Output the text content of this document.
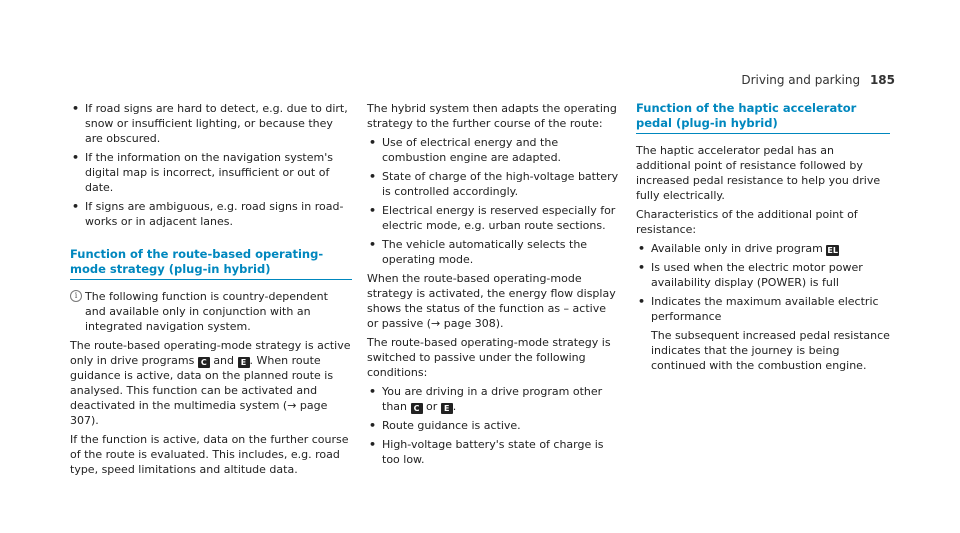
Driving and parking 185
• If road signs are hard to detect, e.g. due to dirt, snow or insufficient lighting, or because they are obscured.
• If the information on the navigation system's digital map is incorrect, insufficient or out of date.
• If signs are ambiguous, e.g. road signs in road-works or in adjacent lanes.
Function of the route-based operating-mode strategy (plug-in hybrid)
i The following function is country-dependent and available only in conjunction with an integrated navigation system.

The route-based operating-mode strategy is active only in drive programs C and E . When route guidance is active, data on the planned route is analysed. This function can be activated and deactivated in the multimedia system (→ page 307).

If the function is active, data on the further course of the route is evaluated. This includes, e.g. road type, speed limitations and altitude data.

The hybrid system then adapts the operating strategy to the further course of the route:

• Use of electrical energy and the combustion engine are adapted.
• State of charge of the high-voltage battery is controlled accordingly.
• Electrical energy is reserved especially for electric mode, e.g. urban route sections.
• The vehicle automatically selects the operating mode.

When the route-based operating-mode strategy is activated, the energy flow display shows the status of the function as – active or passive (→ page 308).

The route-based operating-mode strategy is switched to passive under the following conditions:

• You are driving in a drive program other than C or E .
• Route guidance is active.
• High-voltage battery's state of charge is too low.
Function of the haptic accelerator pedal (plug-in hybrid)

The haptic accelerator pedal has an additional point of resistance followed by increased pedal resistance to help you drive fully electrically.

Characteristics of the additional point of resistance:

• Available only in drive program EL
• Is used when the electric motor power availability display (POWER) is full
• Indicates the maximum available electric performance
The subsequent increased pedal resistance indicates that the journey is being continued with the combustion engine.
